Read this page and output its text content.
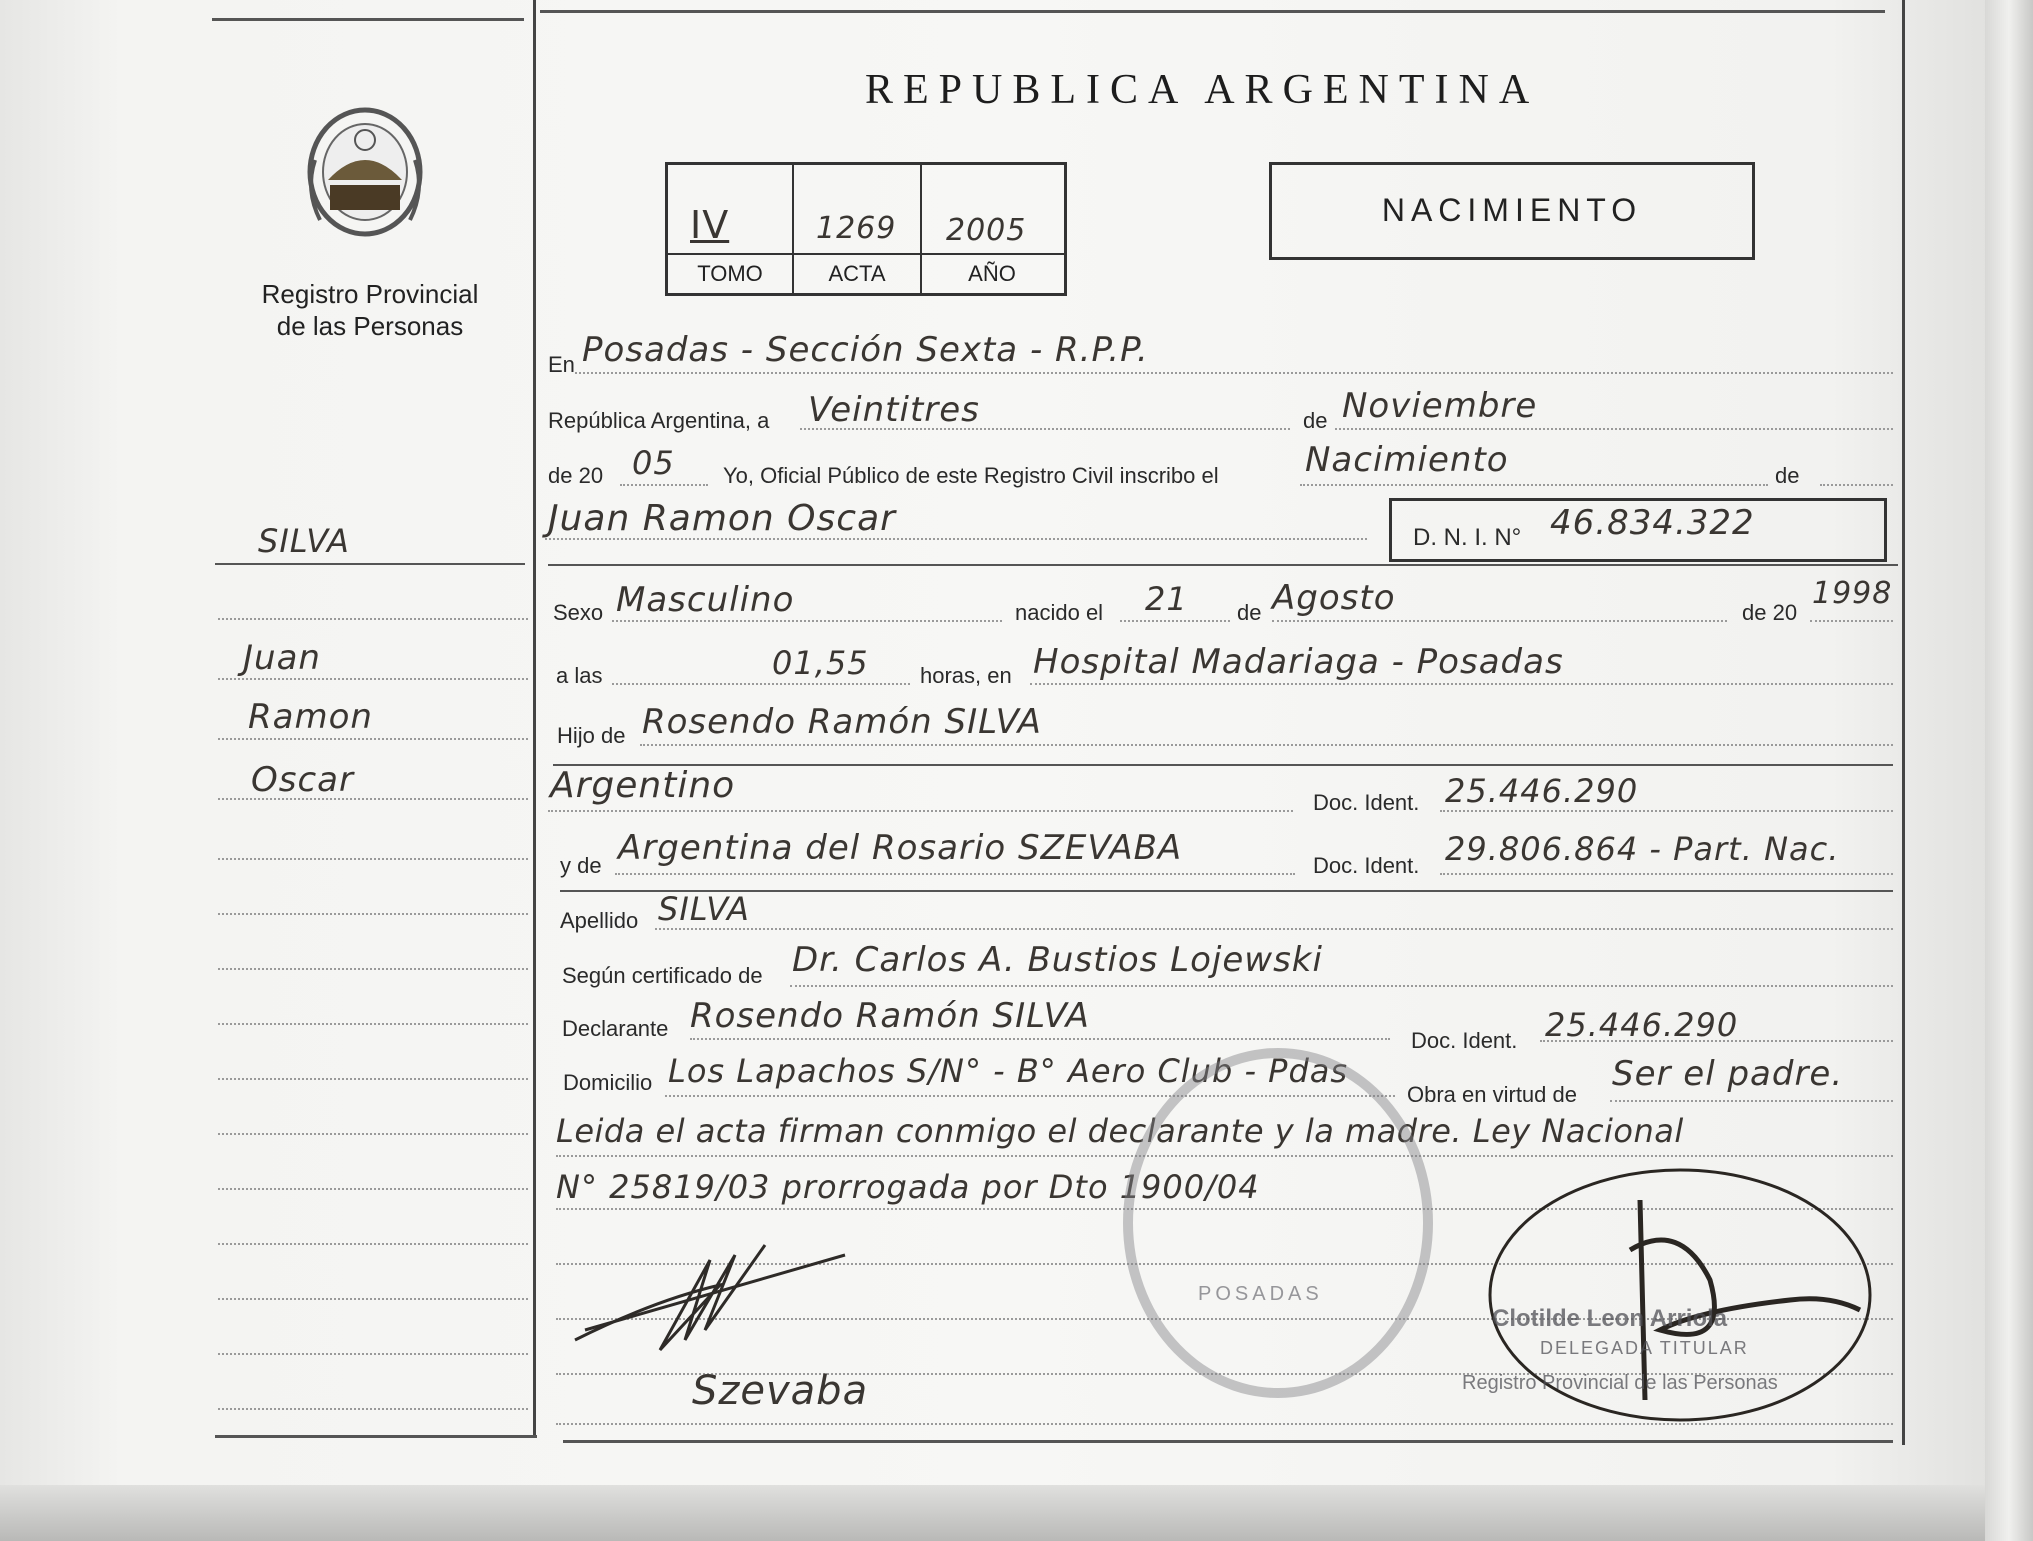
Registro Provincial
de las Personas
SILVA
Juan
Ramon
Oscar
REPUBLICA ARGENTINA
IV	1269 2005
TOMO	ACTA	AÑO
NACIMIENTO
En Posadas - Sección Sexta - R.P.P.
República Argentina, a Veintitres	de Noviembre
de 20 05 Yo, Oficial Público de este Registro Civil inscribo el	Nacimiento	de
Juan Ramon Oscar	D. N. I. N° 46.834.322
Sexo Masculino	nacido el 21 de Agosto	de 20
1998
a las	01,55 horas, en Hospital Madariaga - Posadas
Hijo de Rosendo Ramón SILVA
Argentino	Doc. Ident. 25.446.290
y de Argentina del Rosario SZEVABA	Doc. Ident. 29.806.864 - Part. Nac.
Apellido SILVA
Según certificado de Dr. Carlos A. Bustios Lojewski
Declarante Rosendo Ramón SILVA
Doc. Ident. 25.446.290
Domicilio Los Lapachos S/N° - B° Aero Club - Pdas
Obra en virtud de
Ser el padre.
Leida el acta firman conmigo el declarante y la madre. Ley Nacional
N° 25819/03 prorrogada por Dto 1900/04
POSADAS
Szevaba
Clotilde Leon Arriola
DELEGADA TITULAR
Registro Provincial de las Personas
